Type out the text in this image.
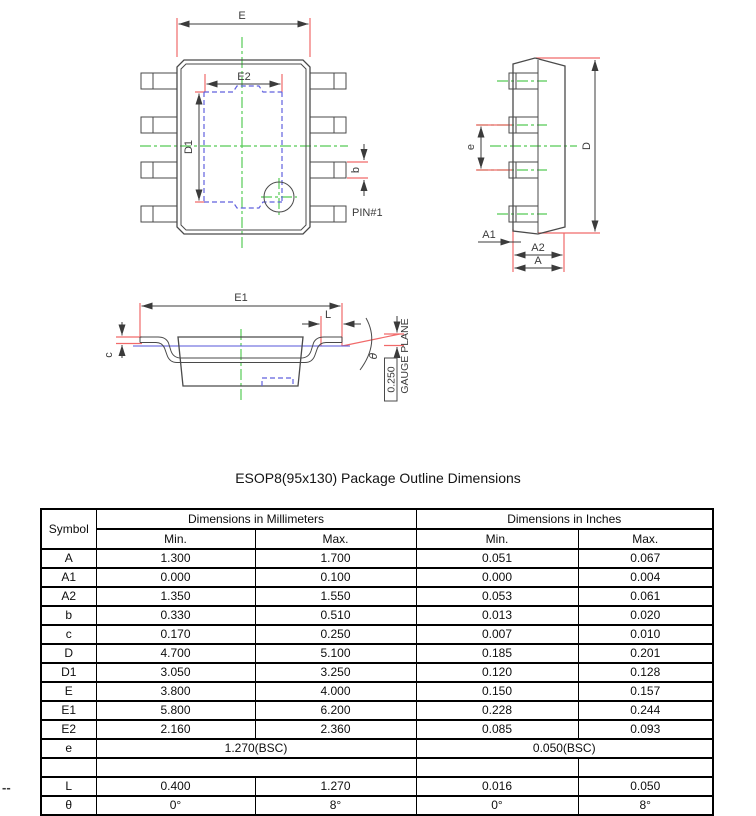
E
E2
D1
b
PIN#1
e	D
A1
A2
A
E1
L
c	θ
0.250 GAUGE PLANE
ESOP8(95x130) Package Outline Dimensions
Symbol	Dimensions in Millimeters		Dimensions in Inches	
	Min.	Max.	Min.	Max.
A	1.300	1.700	0.051	0.067
A1	0.000	0.100	0.000	0.004
A2	1.350	1.550	0.053	0.061
b	0.330	0.510	0.013	0.020
c	0.170	0.250	0.007	0.010
D	4.700	5.100	0.185	0.201
D1	3.050	3.250	0.120	0.128
E	3.800	4.000	0.150	0.157
E1	5.800	6.200	0.228	0.244
E2	2.160	2.360	0.085	0.093
e	1.270(BSC)		0.050(BSC)	

L	0.400	1.270	0.016	0.050
θ	0°	8°	0°	8°
--
